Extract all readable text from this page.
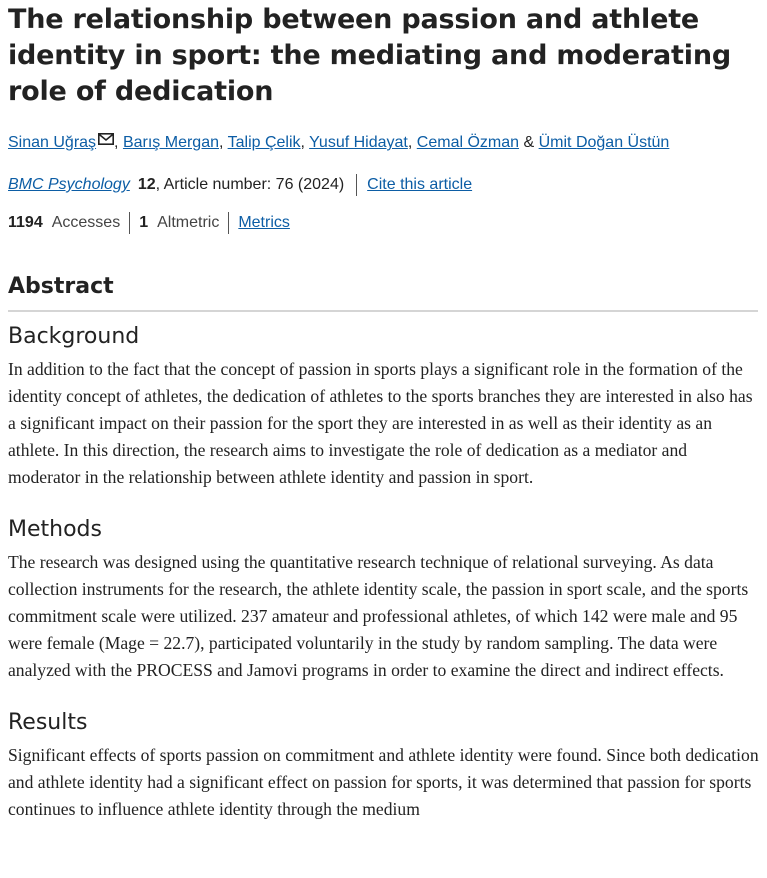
The relationship between passion and athlete identity in sport: the mediating and moderating role of dedication
Sinan Uğraş , Barış Mergan, Talip Çelik, Yusuf Hidayat, Cemal Özman & Ümit Doğan Üstün
BMC Psychology 12 , Article number: 76 (2024) Cite this article
1194 Accesses 1 Altmetric Metrics
Abstract
Background

In addition to the fact that the concept of passion in sports plays a significant role in the formation of the identity concept of athletes, the dedication of athletes to the sports branches they are interested in also has a significant impact on their passion for the sport they are interested in as well as their identity as an athlete. In this direction, the research aims to investigate the role of dedication as a mediator and moderator in the relationship between athlete identity and passion in sport.

Methods

The research was designed using the quantitative research technique of relational surveying. As data collection instruments for the research, the athlete identity scale, the passion in sport scale, and the sports commitment scale were utilized. 237 amateur and professional athletes, of which 142 were male and 95 were female (Mage = 22.7), participated voluntarily in the study by random sampling. The data were analyzed with the PROCESS and Jamovi programs in order to examine the direct and indirect effects.

Results

Significant effects of sports passion on commitment and athlete identity were found. Since both dedication and athlete identity had a significant effect on passion for sports, it was determined that passion for sports continues to influence athlete identity through the medium
